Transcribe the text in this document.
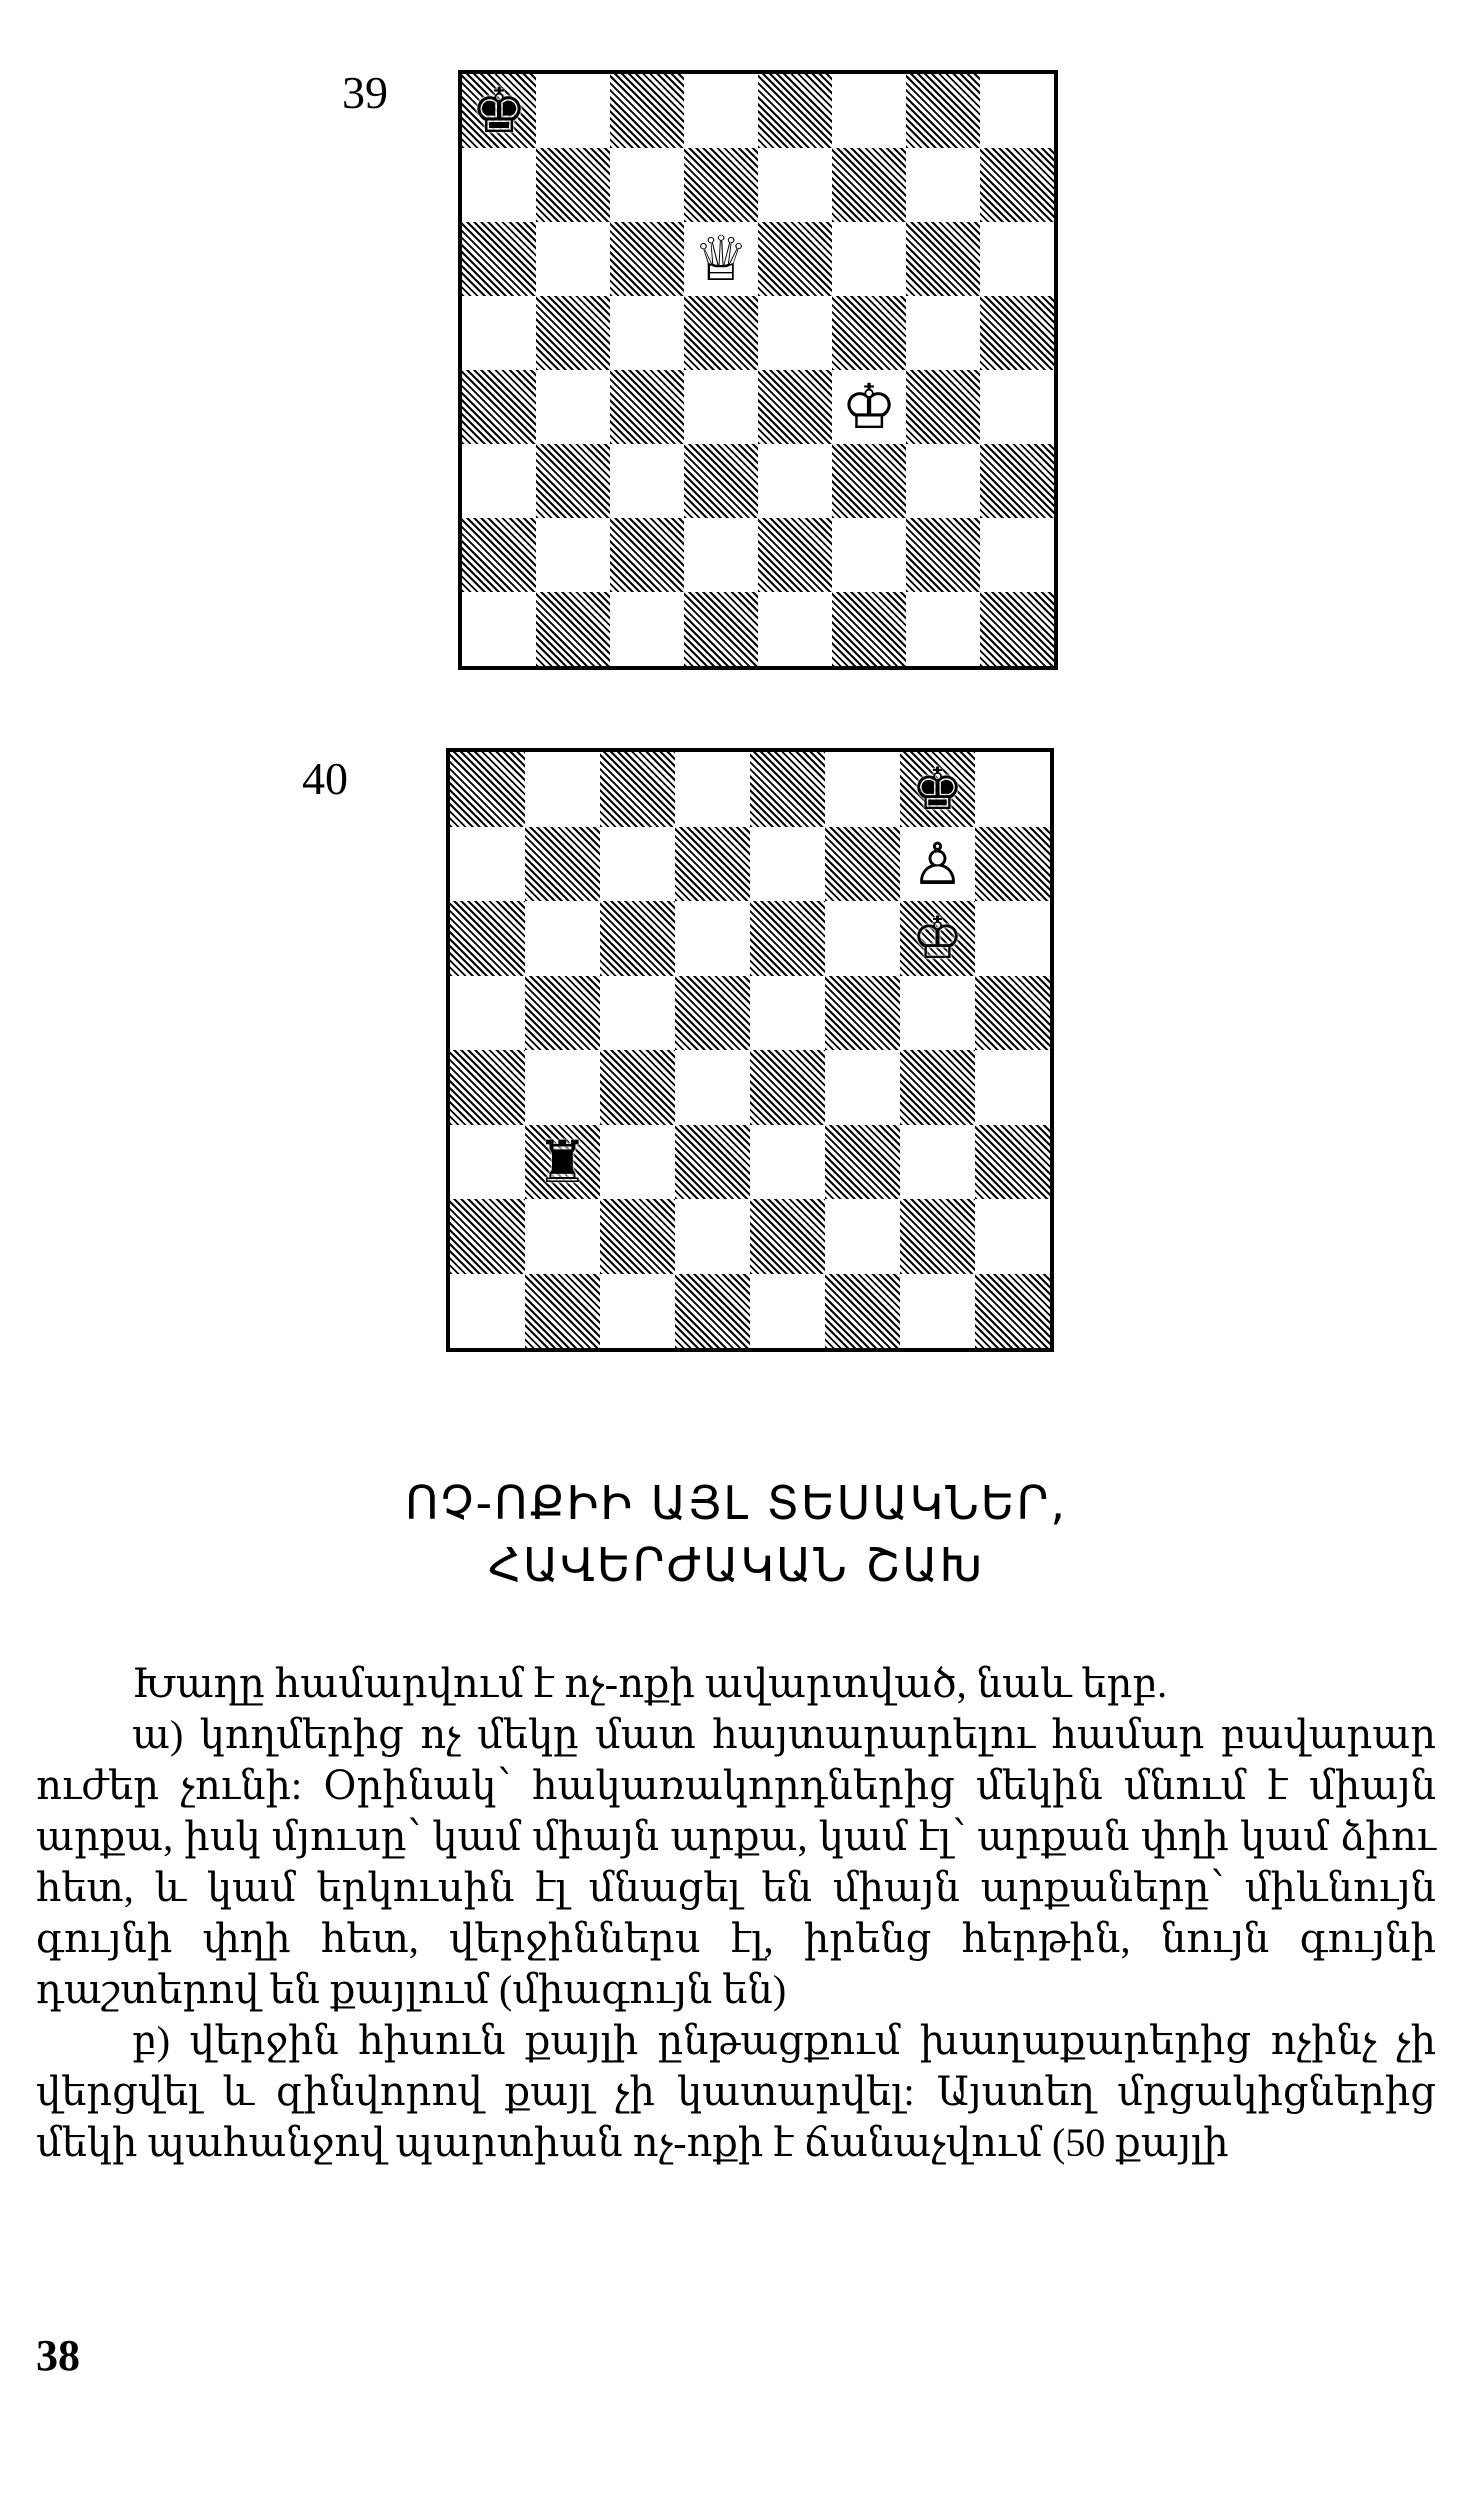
39 ♚
♕
♔
40	♚
♙
♔
♜
ՈՉ-ՈՔԻԻ ԱՅԼ ՏԵՍԱԿՆԵՐ,
ՀԱՎԵՐԺԱԿԱՆ ՇԱԽ

Խաղը համարվում է ոչ-ոքի ավարտված, նաև երբ.

ա) կողմերից ոչ մեկը մատ հայտարարելու համար բավարար ուժեր չունի: Օրինակ՝ հակառակորդներից մեկին մնում է միայն արքա, իսկ մյուսը՝ կամ միայն արքա, կամ էլ՝ արքան փղի կամ ձիու հետ, և կամ երկուսին էլ մնացել են միայն արքաները՝ միևնույն գույնի փղի հետ, վերջիններս էլ, իրենց հերթին, նույն գույնի դաշտերով են քայլում (միագույն են)

բ) վերջին հիսուն քայլի ընթացքում խաղաքարերից ոչինչ չի վերցվել և զինվորով քայլ չի կատարվել: Այստեղ մրցակիցներից մեկի պահանջով պարտիան ոչ-ոքի է ճանաչվում (50 քայլի

38
